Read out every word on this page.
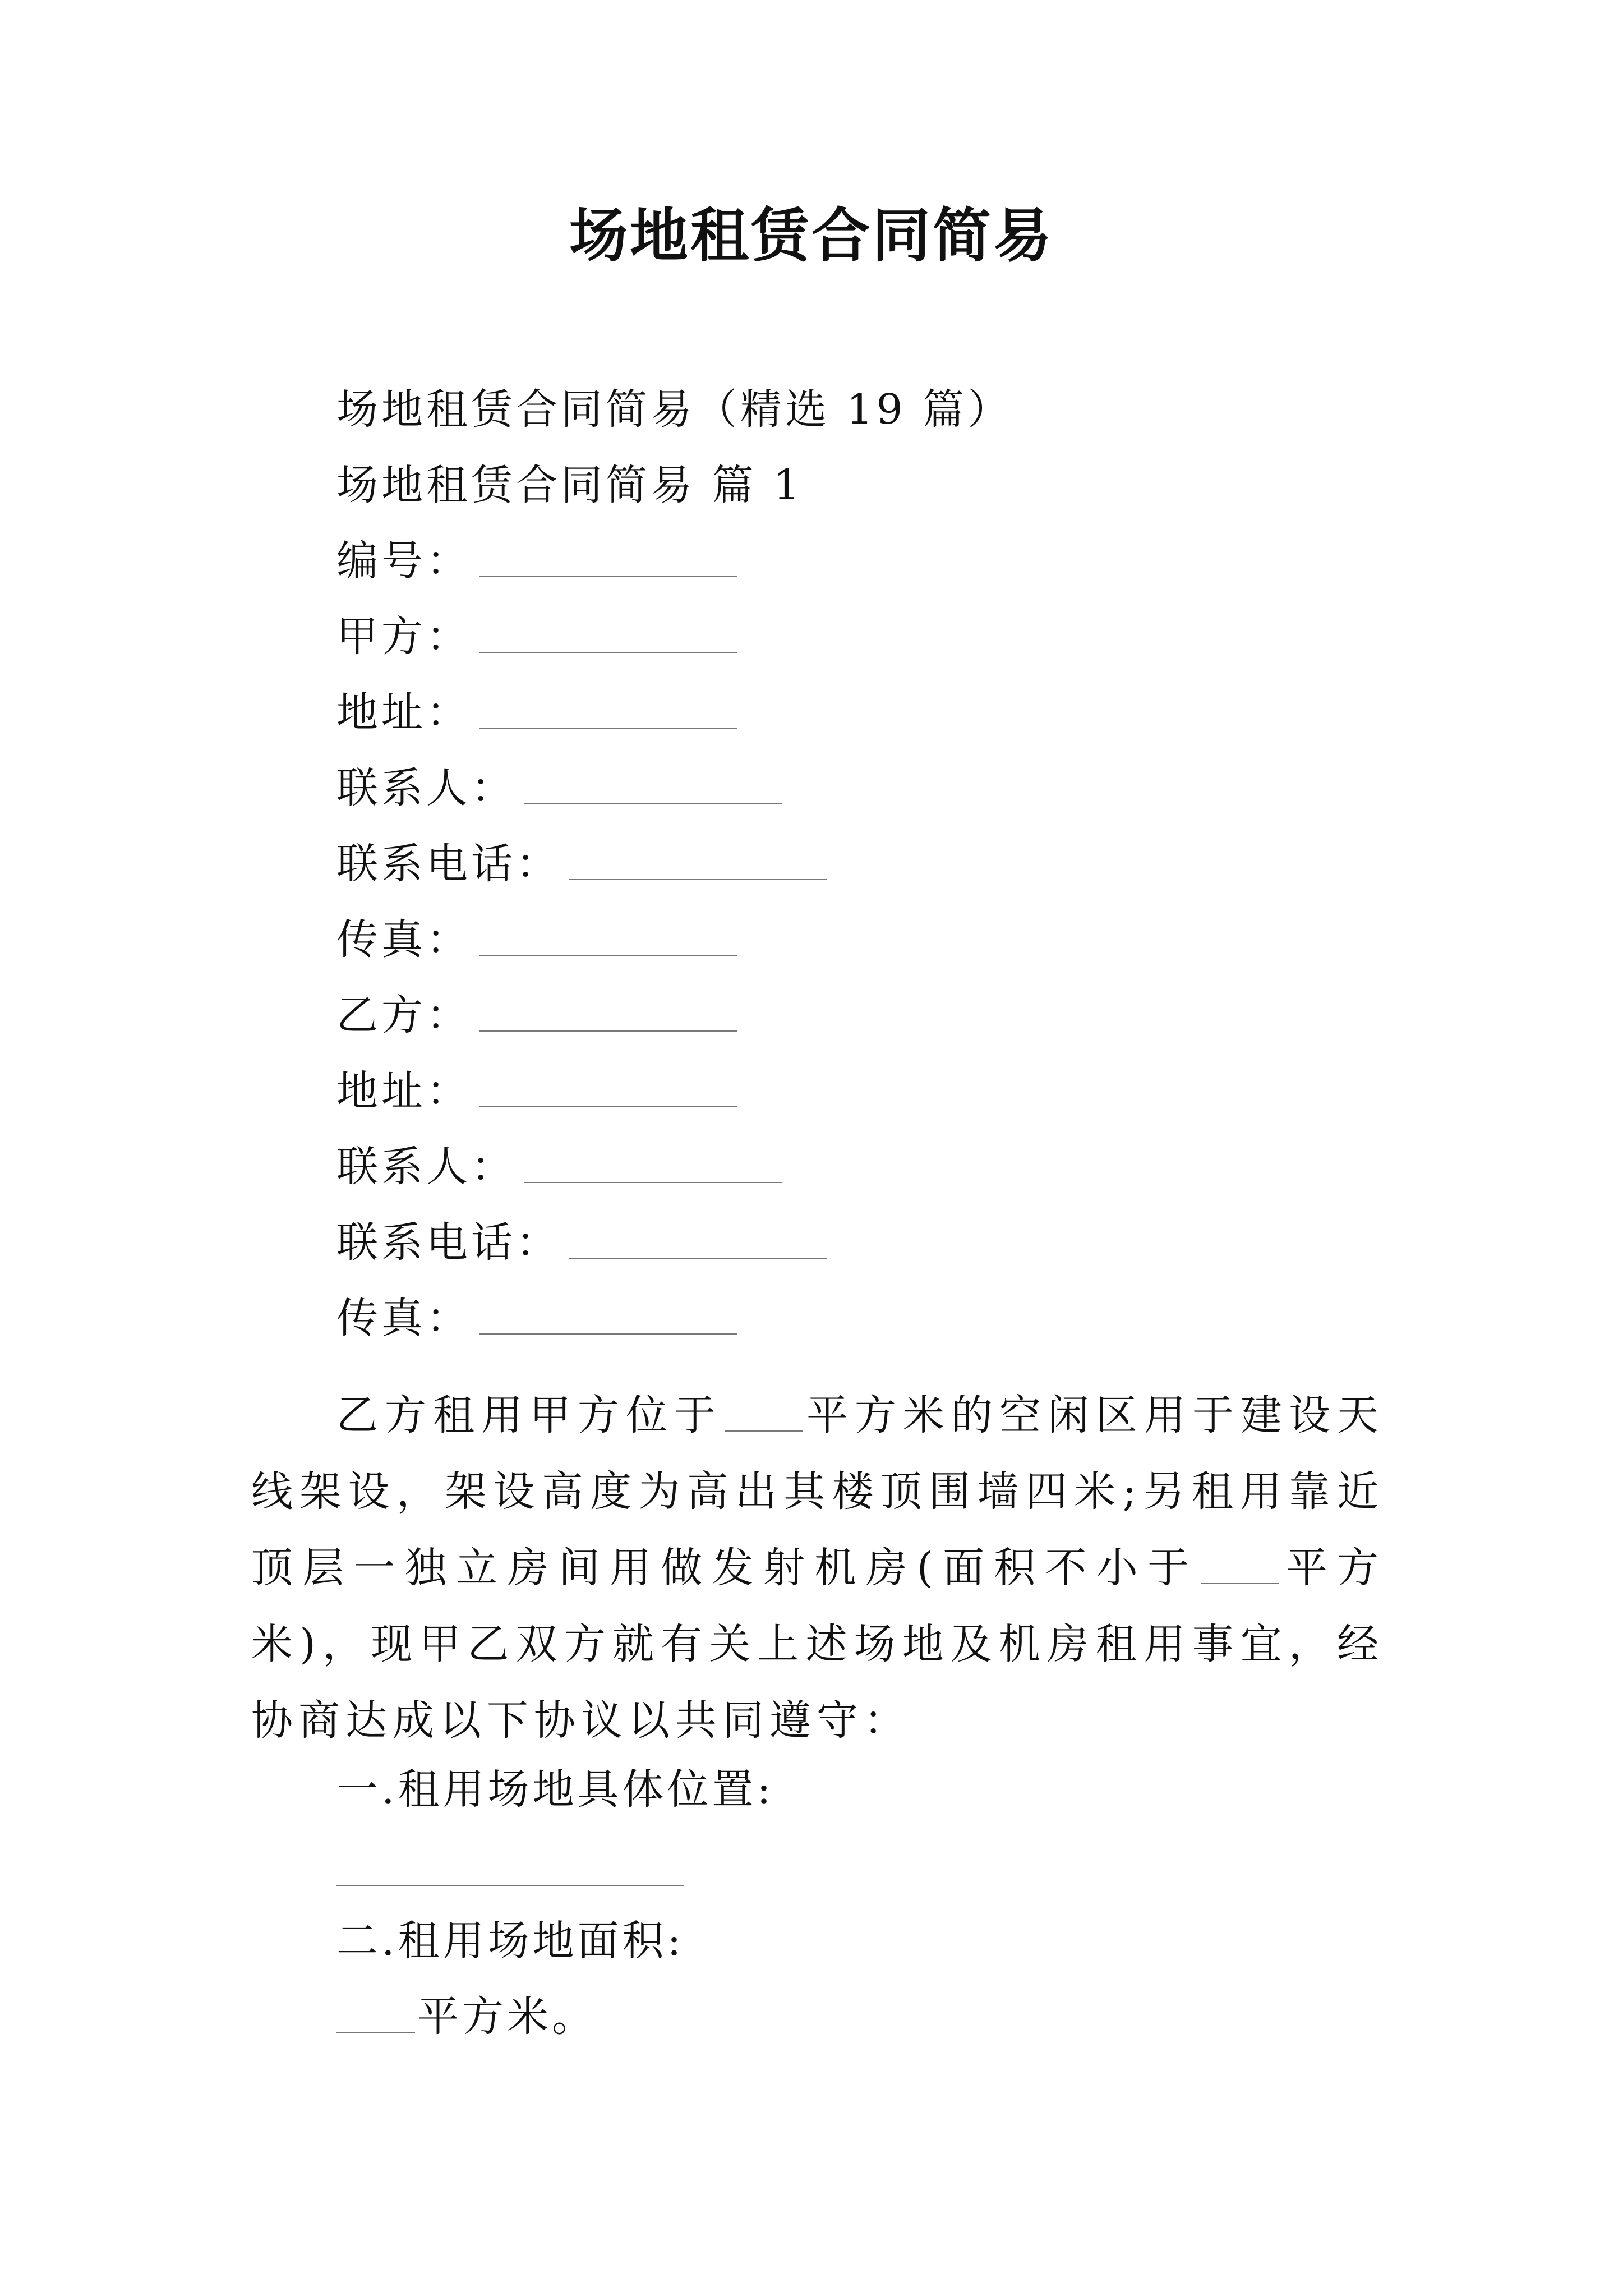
场地租赁合同简易
场地租赁合同简易（精选 19 篇）
场地租赁合同简易 篇 1
编号：
甲方：
地址：
联系人：
联系电话：
传真：
乙方：
地址：
联系人：
联系电话：
传真：
乙方租用甲方位于 平方米的空闲区用于建设天线架设，架设高度为高出其楼顶围墙四米;另租用靠近顶层一独立房间用做发射机房(面积不小于 平方米)，现甲乙双方就有关上述场地及机房租用事宜，经协商达成以下协议以共同遵守：
一.租用场地具体位置:
二.租用场地面积:
平方米。
